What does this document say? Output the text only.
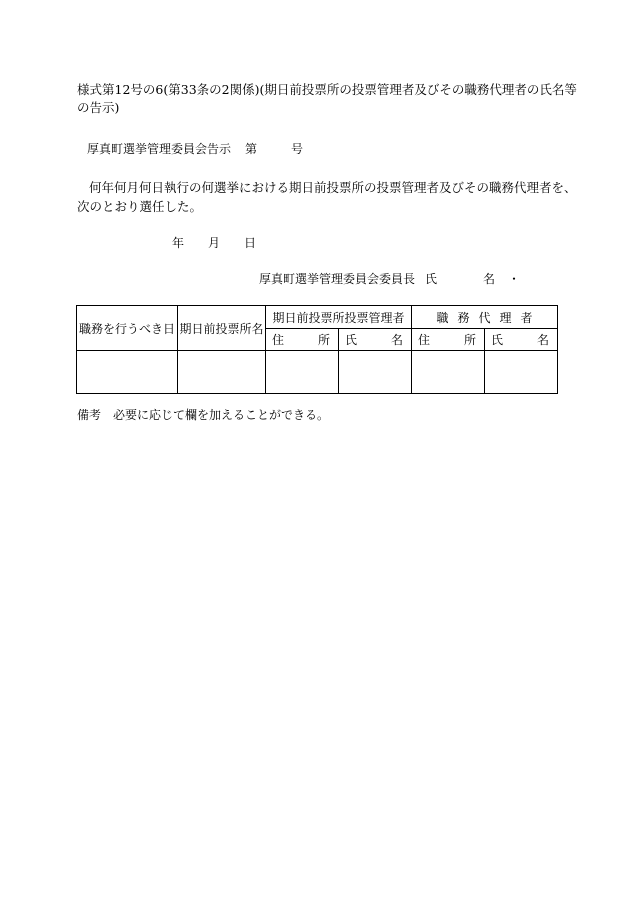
様式第12号の6(第33条の2関係)(期日前投票所の投票管理者及びその職務代理者の氏名等
の告示)
厚真町選挙管理委員会告示 第	号
何年何月何日執行の何選挙における期日前投票所の投票管理者及びその職務代理者を、
次のとおり選任した。
年 月 日
厚真町選挙管理委員会委員長 氏	名 ・
職務を行うべき日	期日前投票所名	期日前投票所投票管理者		職務代理者	

		住 所	氏 名	住 所	氏 名

備考　必要に応じて欄を加えることができる。
